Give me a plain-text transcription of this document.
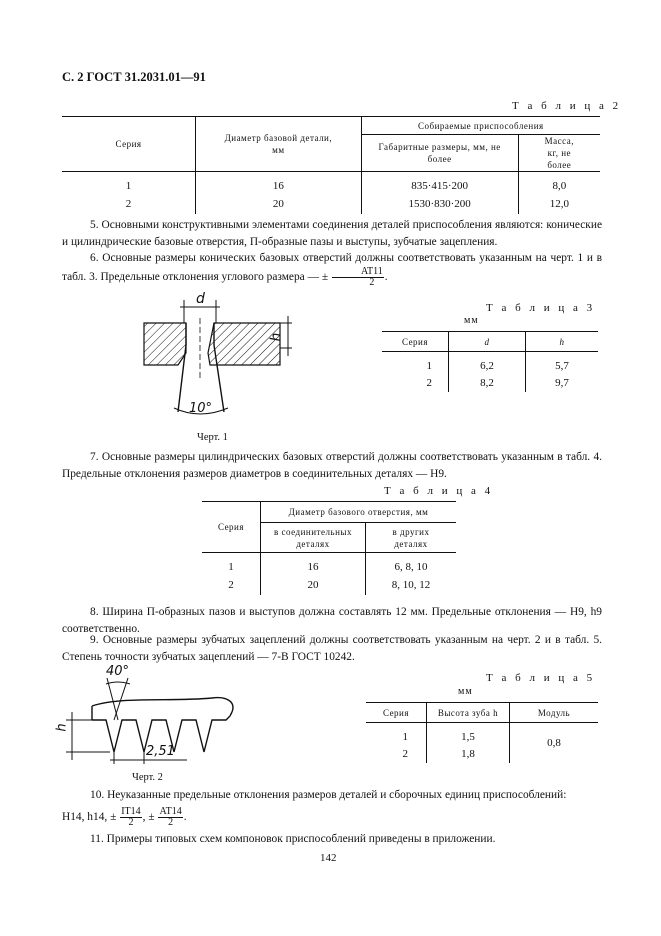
С. 2 ГОСТ 31.2031.01—91
Т а б л и ц а 2
Серия	Диаметр базовой детали, мм	Собираемые приспособления	
		Габаритные размеры, мм, не более	Масса, кг, не более
1	16	835·415·200	8,0
2	20	1530·830·200	12,0
5. Основными конструктивными элементами соединения деталей приспособления являются: конические и цилиндрические базовые отверстия, П-образные пазы и выступы, зубчатые зацепления.
6. Основные размеры конических базовых отверстий должны соответствовать указанным на черт. 1 и в табл. 3. Предельные отклонения углового размера — ± $\frac{AT11}{2}$ .
d
h
10°
Черт. 1
Т а б л и ц а 3
мм
Серия	d	h
1	6,2	5,7
2	8,2	9,7
7. Основные размеры цилиндрических базовых отверстий должны соответствовать указанным в табл. 4. Предельные отклонения размеров диаметров в соединительных деталях — H9.
Т а б л и ц а 4
Серия	Диаметр базового отверстия, мм	
	в соединительных деталях	в других деталях
1	16	6, 8, 10
2	20	8, 10, 12
8. Ширина П-образных пазов и выступов должна составлять 12 мм. Предельные отклонения — H9, h9 соответственно.
9. Основные размеры зубчатых зацеплений должны соответствовать указанным на черт. 2 и в табл. 5. Степень точности зубчатых зацеплений — 7-В ГОСТ 10242.
40°
h
2,51
Черт. 2
Т а б л и ц а 5
мм
Серия	Высота зуба h	Модуль
1	1,5	0,8
2	1,8	
10. Неуказанные предельные отклонения размеров деталей и сборочных единиц приспособлений:
H14, h14, ± $\frac{IT14}{2}$ , ± $\frac{AT14}{2}$ .
11. Примеры типовых схем компоновок приспособлений приведены в приложении.
142
